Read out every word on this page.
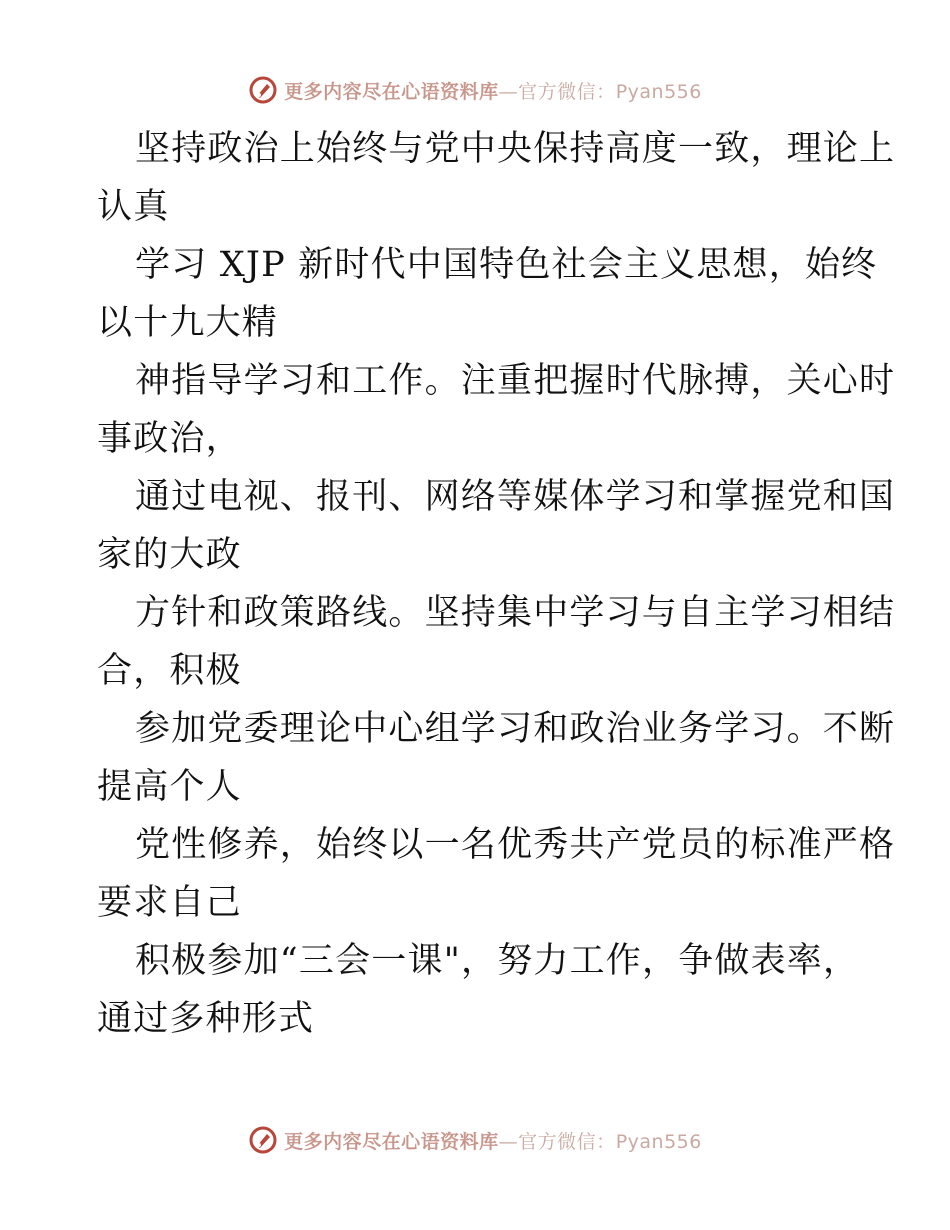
更多内容尽在心语资料库—官方微信：Pyan556
坚持政治上始终与党中央保持高度一致，理论上
认真
学习 XJP 新时代中国特色社会主义思想，始终
以十九大精
神指导学习和工作。注重把握时代脉搏，关心时
事政治，
通过电视、报刊、网络等媒体学习和掌握党和国
家的大政
方针和政策路线。坚持集中学习与自主学习相结
合，积极
参加党委理论中心组学习和政治业务学习。不断
提高个人
党性修养，始终以一名优秀共产党员的标准严格
要求自己
积极参加“三会一课"，努力工作，争做表率，
通过多种形式
更多内容尽在心语资料库—官方微信：Pyan556
